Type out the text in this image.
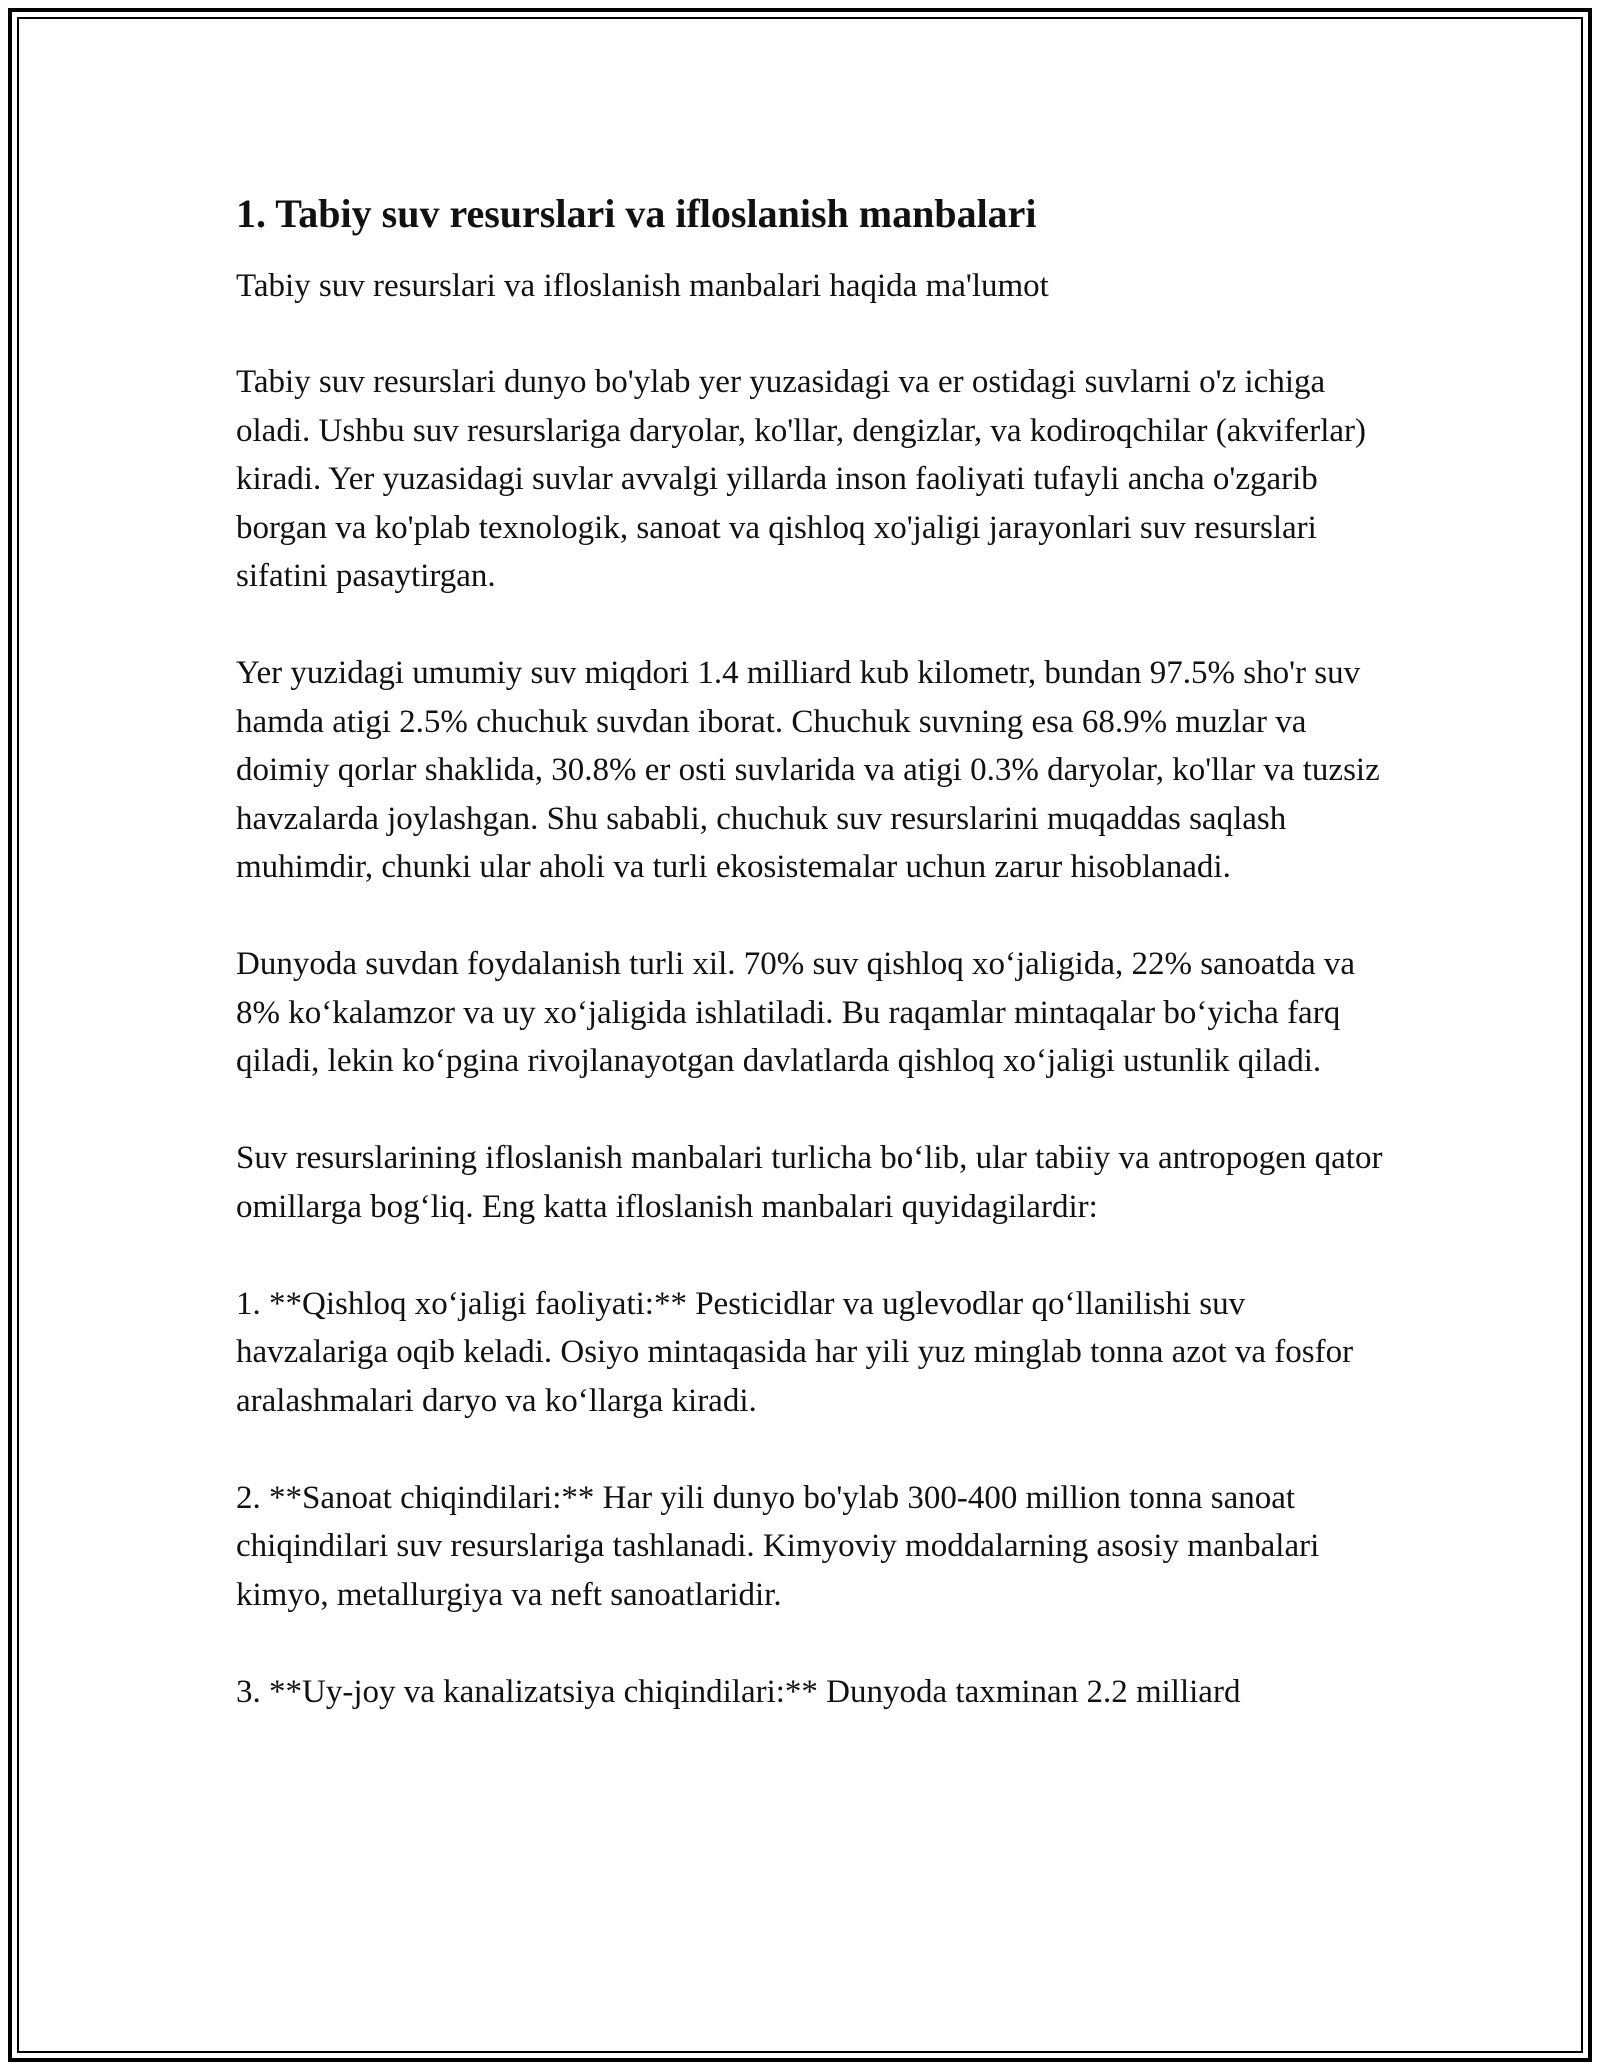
1. Tabiy suv resurslari va ifloslanish manbalari

Tabiy suv resurslari va ifloslanish manbalari haqida ma'lumot

Tabiy suv resurslari dunyo bo'ylab yer yuzasidagi va er ostidagi suvlarni o'z ichiga oladi. Ushbu suv resurslariga daryolar, ko'llar, dengizlar, va kodiroqchilar (akviferlar) kiradi. Yer yuzasidagi suvlar avvalgi yillarda inson faoliyati tufayli ancha o'zgarib borgan va ko'plab texnologik, sanoat va qishloq xo'jaligi jarayonlari suv resurslari sifatini pasaytirgan.

Yer yuzidagi umumiy suv miqdori 1.4 milliard kub kilometr, bundan 97.5% sho'r suv hamda atigi 2.5% chuchuk suvdan iborat. Chuchuk suvning esa 68.9% muzlar va doimiy qorlar shaklida, 30.8% er osti suvlarida va atigi 0.3% daryolar, ko'llar va tuzsiz havzalarda joylashgan. Shu sababli, chuchuk suv resurslarini muqaddas saqlash muhimdir, chunki ular aholi va turli ekosistemalar uchun zarur hisoblanadi.

Dunyoda suvdan foydalanish turli xil. 70% suv qishloq xoʻjaligida, 22% sanoatda va 8% koʻkalamzor va uy xoʻjaligida ishlatiladi. Bu raqamlar mintaqalar boʻyicha farq qiladi, lekin koʻpgina rivojlanayotgan davlatlarda qishloq xoʻjaligi ustunlik qiladi.

Suv resurslarining ifloslanish manbalari turlicha boʻlib, ular tabiiy va antropogen qator omillarga bogʻliq. Eng katta ifloslanish manbalari quyidagilardir:

1. **Qishloq xoʻjaligi faoliyati:** Pesticidlar va uglevodlar qoʻllanilishi suv havzalariga oqib keladi. Osiyo mintaqasida har yili yuz minglab tonna azot va fosfor aralashmalari daryo va koʻllarga kiradi.

2. **Sanoat chiqindilari:** Har yili dunyo bo'ylab 300-400 million tonna sanoat chiqindilari suv resurslariga tashlanadi. Kimyoviy moddalarning asosiy manbalari kimyo, metallurgiya va neft sanoatlaridir.

3. **Uy-joy va kanalizatsiya chiqindilari:** Dunyoda taxminan 2.2 milliard
